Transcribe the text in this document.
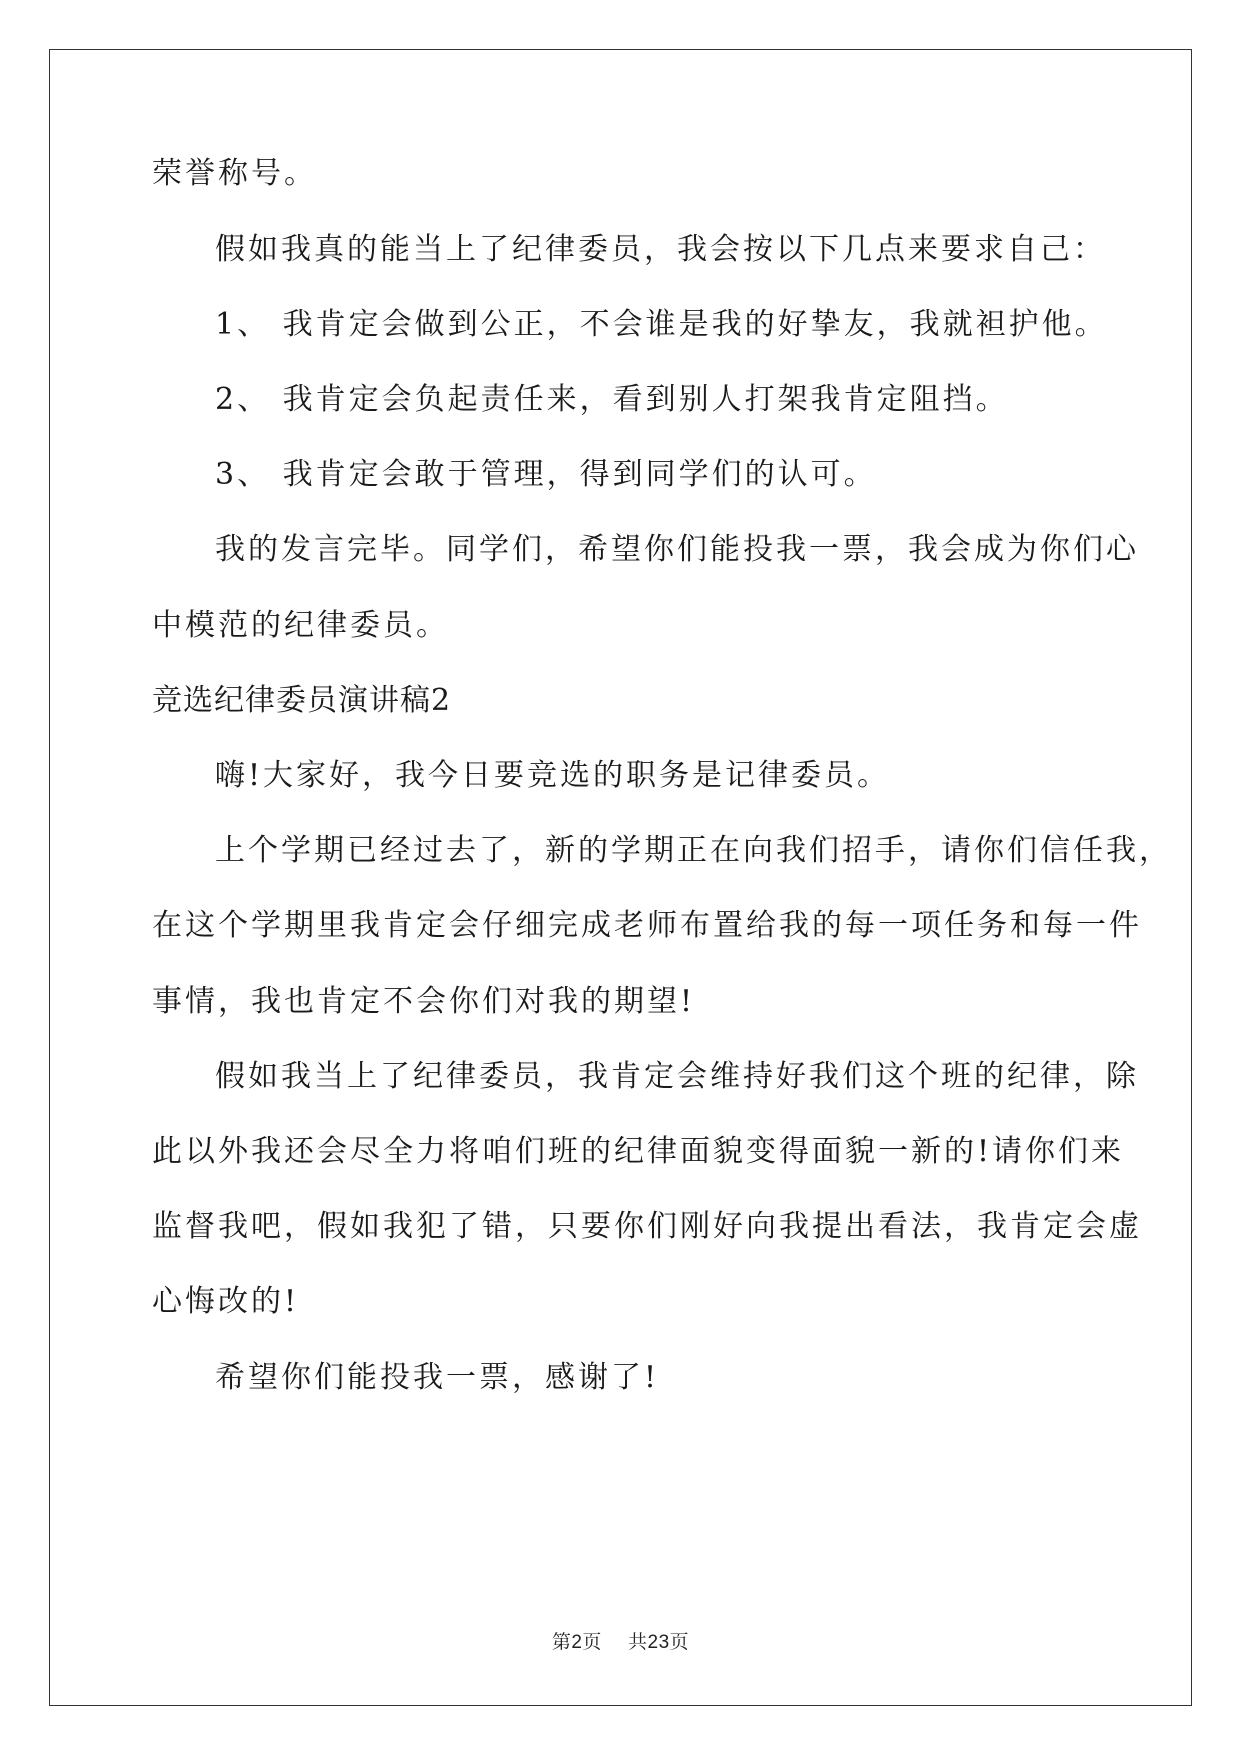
荣誉称号。
假如我真的能当上了纪律委员，我会按以下几点来要求自己：
1、 我肯定会做到公正，不会谁是我的好挚友，我就袒护他。
2、 我肯定会负起责任来，看到别人打架我肯定阻挡。
3、 我肯定会敢于管理，得到同学们的认可。
我的发言完毕。同学们，希望你们能投我一票，我会成为你们心
中模范的纪律委员。
竞选纪律委员演讲稿2
嗨!大家好，我今日要竞选的职务是记律委员。
上个学期已经过去了，新的学期正在向我们招手，请你们信任我，
在这个学期里我肯定会仔细完成老师布置给我的每一项任务和每一件
事情，我也肯定不会你们对我的期望!
假如我当上了纪律委员，我肯定会维持好我们这个班的纪律，除
此以外我还会尽全力将咱们班的纪律面貌变得面貌一新的!请你们来
监督我吧，假如我犯了错，只要你们刚好向我提出看法，我肯定会虚
心悔改的!
希望你们能投我一票，感谢了!
第2页   共23页
